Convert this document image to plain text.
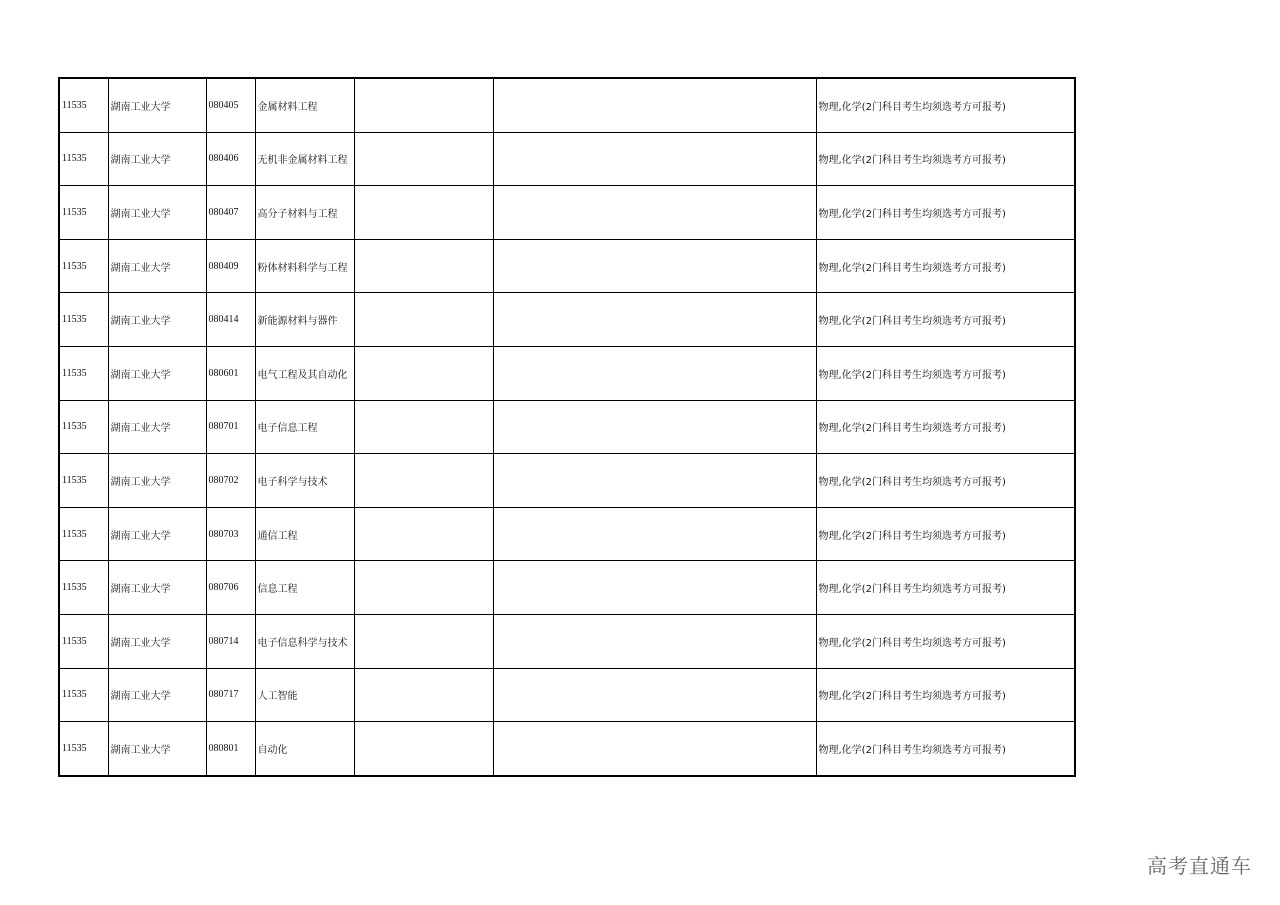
11535	湖南工业大学	080405	金属材料工程			物理,化学(2门科目考生均须选考方可报考)
11535	湖南工业大学	080406	无机非金属材料工程			物理,化学(2门科目考生均须选考方可报考)
11535	湖南工业大学	080407	高分子材料与工程			物理,化学(2门科目考生均须选考方可报考)
11535	湖南工业大学	080409	粉体材料科学与工程			物理,化学(2门科目考生均须选考方可报考)
11535	湖南工业大学	080414	新能源材料与器件			物理,化学(2门科目考生均须选考方可报考)
11535	湖南工业大学	080601	电气工程及其自动化			物理,化学(2门科目考生均须选考方可报考)
11535	湖南工业大学	080701	电子信息工程			物理,化学(2门科目考生均须选考方可报考)
11535	湖南工业大学	080702	电子科学与技术			物理,化学(2门科目考生均须选考方可报考)
11535	湖南工业大学	080703	通信工程			物理,化学(2门科目考生均须选考方可报考)
11535	湖南工业大学	080706	信息工程			物理,化学(2门科目考生均须选考方可报考)
11535	湖南工业大学	080714	电子信息科学与技术			物理,化学(2门科目考生均须选考方可报考)
11535	湖南工业大学	080717	人工智能			物理,化学(2门科目考生均须选考方可报考)
11535	湖南工业大学	080801	自动化			物理,化学(2门科目考生均须选考方可报考)
高考直通车
